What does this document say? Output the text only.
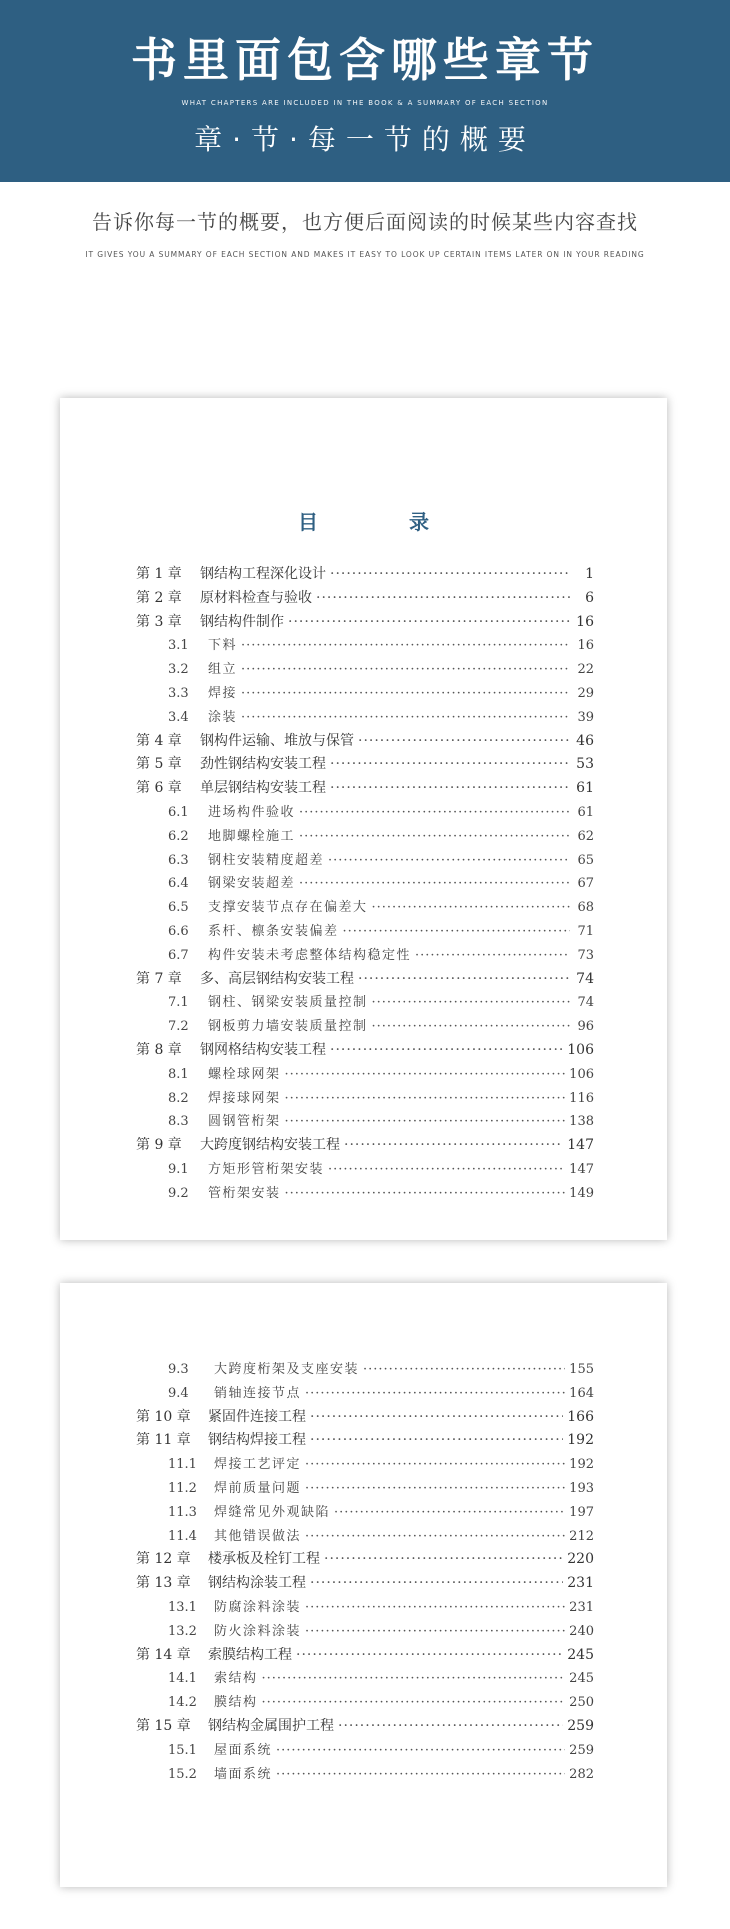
书里面包含哪些章节
WHAT CHAPTERS ARE INCLUDED IN THE BOOK & A SUMMARY OF EACH SECTION
章·节·每一节的概要
告诉你每一节的概要，也方便后面阅读的时候某些内容查找
IT GIVES YOU A SUMMARY OF EACH SECTION AND MAKES IT EASY TO LOOK UP CERTAIN ITEMS LATER ON IN YOUR READING
目 录
第 1 章	钢结构工程深化设计 ·····	1
第 2 章	原材料检查与验收 ·····	6
第 3 章	钢结构件制作 ·····	16
3.1	下料 ·····	16
3.2	组立 ·····	22
3.3	焊接 ·····	29
3.4	涂装 ·····	39
第 4 章	钢构件运输、堆放与保管 ·····	46
第 5 章	劲性钢结构安装工程 ·····	53
第 6 章	单层钢结构安装工程 ·····	61
6.1	进场构件验收 ·····	61
6.2	地脚螺栓施工 ·····	62
6.3	钢柱安装精度超差 ·····	65
6.4	钢梁安装超差 ·····	67
6.5	支撑安装节点存在偏差大 ·····	68
6.6	系杆、檩条安装偏差 ·····	71
6.7	构件安装未考虑整体结构稳定性 ·····	73
第 7 章	多、高层钢结构安装工程 ·····	74
7.1	钢柱、钢梁安装质量控制 ·····	74
7.2	钢板剪力墙安装质量控制 ·····	96
第 8 章	钢网格结构安装工程 ·····	106
8.1	螺栓球网架 ·····	106
8.2	焊接球网架 ·····	116
8.3	圆钢管桁架 ·····	138
第 9 章	大跨度钢结构安装工程 ·····	147
9.1	方矩形管桁架安装 ·····	147
9.2	管桁架安装 ·····	149
9.3	大跨度桁架及支座安装 ·····	155
9.4	销轴连接节点 ·····	164
第 10 章	紧固件连接工程 ·····	166
第 11 章	钢结构焊接工程 ·····	192
11.1	焊接工艺评定 ·····	192
11.2	焊前质量问题 ·····	193
11.3	焊缝常见外观缺陷 ·····	197
11.4	其他错误做法 ·····	212
第 12 章	楼承板及栓钉工程 ·····	220
第 13 章	钢结构涂装工程 ·····	231
13.1	防腐涂料涂装 ·····	231
13.2	防火涂料涂装 ·····	240
第 14 章	索膜结构工程 ·····	245
14.1	索结构 ·····	245
14.2	膜结构 ·····	250
第 15 章	钢结构金属围护工程 ·····	259
15.1	屋面系统 ·····	259
15.2	墙面系统 ·····	282
